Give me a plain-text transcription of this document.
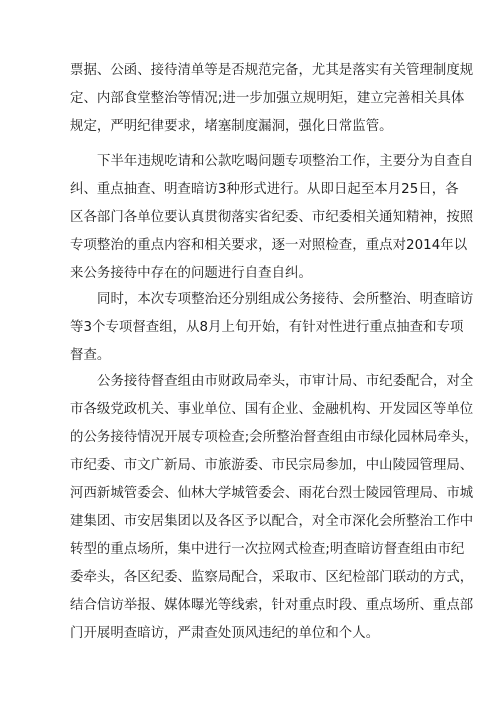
票据、公函、接待清单等是否规范完备，尤其是落实有关管理制度规
定、内部食堂整治等情况;进一步加强立规明矩，建立完善相关具体
规定，严明纪律要求，堵塞制度漏洞，强化日常监管。
下半年违规吃请和公款吃喝问题专项整治工作，主要分为自查自
纠、重点抽查、明查暗访3种形式进行。从即日起至本月25日，各
区各部门各单位要认真贯彻落实省纪委、市纪委相关通知精神，按照
专项整治的重点内容和相关要求，逐一对照检查，重点对2014年以
来公务接待中存在的问题进行自查自纠。
同时，本次专项整治还分别组成公务接待、会所整治、明查暗访
等3个专项督查组，从8月上旬开始，有针对性进行重点抽查和专项
督查。
公务接待督查组由市财政局牵头，市审计局、市纪委配合，对全
市各级党政机关、事业单位、国有企业、金融机构、开发园区等单位
的公务接待情况开展专项检查;会所整治督查组由市绿化园林局牵头，
市纪委、市文广新局、市旅游委、市民宗局参加，中山陵园管理局、
河西新城管委会、仙林大学城管委会、雨花台烈士陵园管理局、市城
建集团、市安居集团以及各区予以配合，对全市深化会所整治工作中
转型的重点场所，集中进行一次拉网式检查;明查暗访督查组由市纪
委牵头，各区纪委、监察局配合，采取市、区纪检部门联动的方式，
结合信访举报、媒体曝光等线索，针对重点时段、重点场所、重点部
门开展明查暗访，严肃查处顶风违纪的单位和个人。
